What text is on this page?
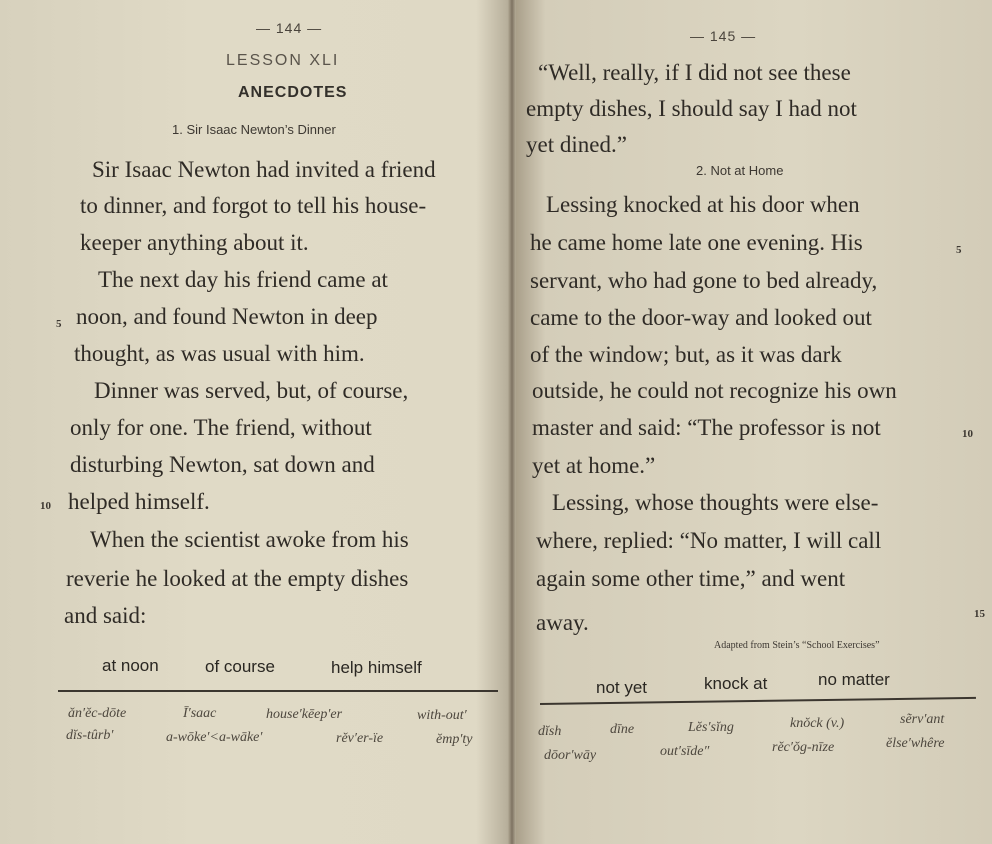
— 144 —
LESSON XLI
ANECDOTES
1. Sir Isaac Newton’s Dinner
Sir Isaac Newton had invited a friend
to dinner, and forgot to tell his house-
keeper anything about it.
The next day his friend came at
5 noon, and found Newton in deep
thought, as was usual with him.
Dinner was served, but, of course,
only for one. The friend, without
disturbing Newton, sat down and
10 helped himself.
When the scientist awoke from his
reverie he looked at the empty dishes
and said:
at noon	of course	help himself
ăn′ĕc-dōte	Ī′saac	house′kēep′er	with-out′
dĭs-tûrb′	a-wōke′<a-wāke′	rĕv′er-ïe	ĕmp′ty
— 145 —
“Well, really, if I did not see these
empty dishes, I should say I had not
yet dined.”
2. Not at Home
Lessing knocked at his door when
he came home late one evening. His	5
servant, who had gone to bed already,
came to the door-way and looked out
of the window; but, as it was dark
outside, he could not recognize his own
master and said: “The professor is not	10
yet at home.”
Lessing, whose thoughts were else-
where, replied: “No matter, I will call
again some other time,” and went
away.	15
Adapted from Stein’s “School Exercises”
not yet	knock at	no matter
dĭsh	dīne	Lĕs′sĭng	knŏck (v.)	sẽrv′ant
dōor′wāy	out′sīde″	rĕc′ŏg-nīze	ĕlse′whêre
